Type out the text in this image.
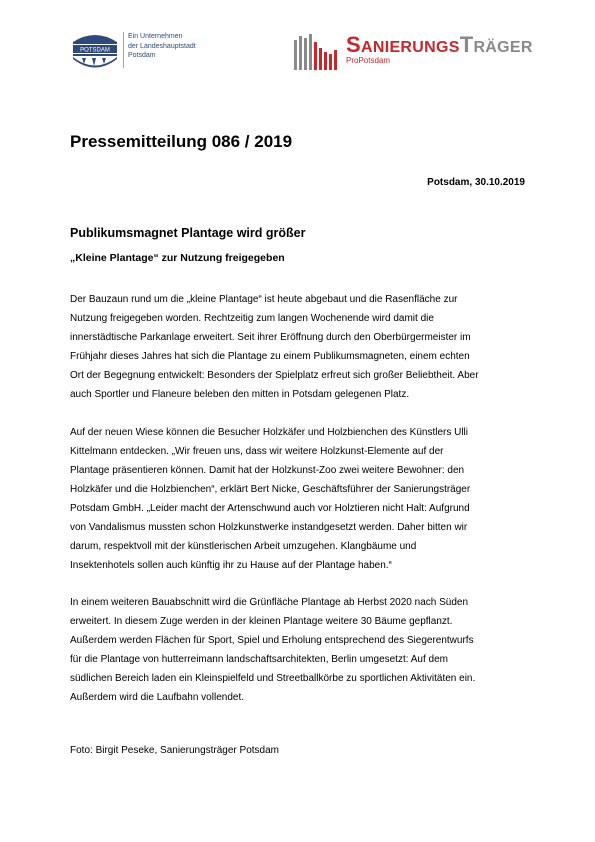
POTSDAM
Ein Unternehmen
der Landeshauptstadt
Potsdam	SANIERUNGSTRÄGER
ProPotsdam
Pressemitteilung 086 / 2019
Potsdam, 30.10.2019
Publikumsmagnet Plantage wird größer
„Kleine Plantage“ zur Nutzung freigegeben
Der Bauzaun rund um die „kleine Plantage“ ist heute abgebaut und die Rasenfläche zur
Nutzung freigegeben worden. Rechtzeitig zum langen Wochenende wird damit die
innerstädtische Parkanlage erweitert. Seit ihrer Eröffnung durch den Oberbürgermeister im
Frühjahr dieses Jahres hat sich die Plantage zu einem Publikumsmagneten, einem echten
Ort der Begegnung entwickelt: Besonders der Spielplatz erfreut sich großer Beliebtheit. Aber
auch Sportler und Flaneure beleben den mitten in Potsdam gelegenen Platz.
Auf der neuen Wiese können die Besucher Holzkäfer und Holzbienchen des Künstlers Ulli
Kittelmann entdecken. „Wir freuen uns, dass wir weitere Holzkunst-Elemente auf der
Plantage präsentieren können. Damit hat der Holzkunst-Zoo zwei weitere Bewohner: den
Holzkäfer und die Holzbienchen“, erklärt Bert Nicke, Geschäftsführer der Sanierungsträger
Potsdam GmbH. „Leider macht der Artenschwund auch vor Holztieren nicht Halt: Aufgrund
von Vandalismus mussten schon Holzkunstwerke instandgesetzt werden. Daher bitten wir
darum, respektvoll mit der künstlerischen Arbeit umzugehen. Klangbäume und
Insektenhotels sollen auch künftig ihr zu Hause auf der Plantage haben.“
In einem weiteren Bauabschnitt wird die Grünfläche Plantage ab Herbst 2020 nach Süden
erweitert. In diesem Zuge werden in der kleinen Plantage weitere 30 Bäume gepflanzt.
Außerdem werden Flächen für Sport, Spiel und Erholung entsprechend des Siegerentwurfs
für die Plantage von hutterreimann landschaftsarchitekten, Berlin umgesetzt: Auf dem
südlichen Bereich laden ein Kleinspielfeld und Streetballkörbe zu sportlichen Aktivitäten ein.
Außerdem wird die Laufbahn vollendet.
Foto: Birgit Peseke, Sanierungsträger Potsdam
